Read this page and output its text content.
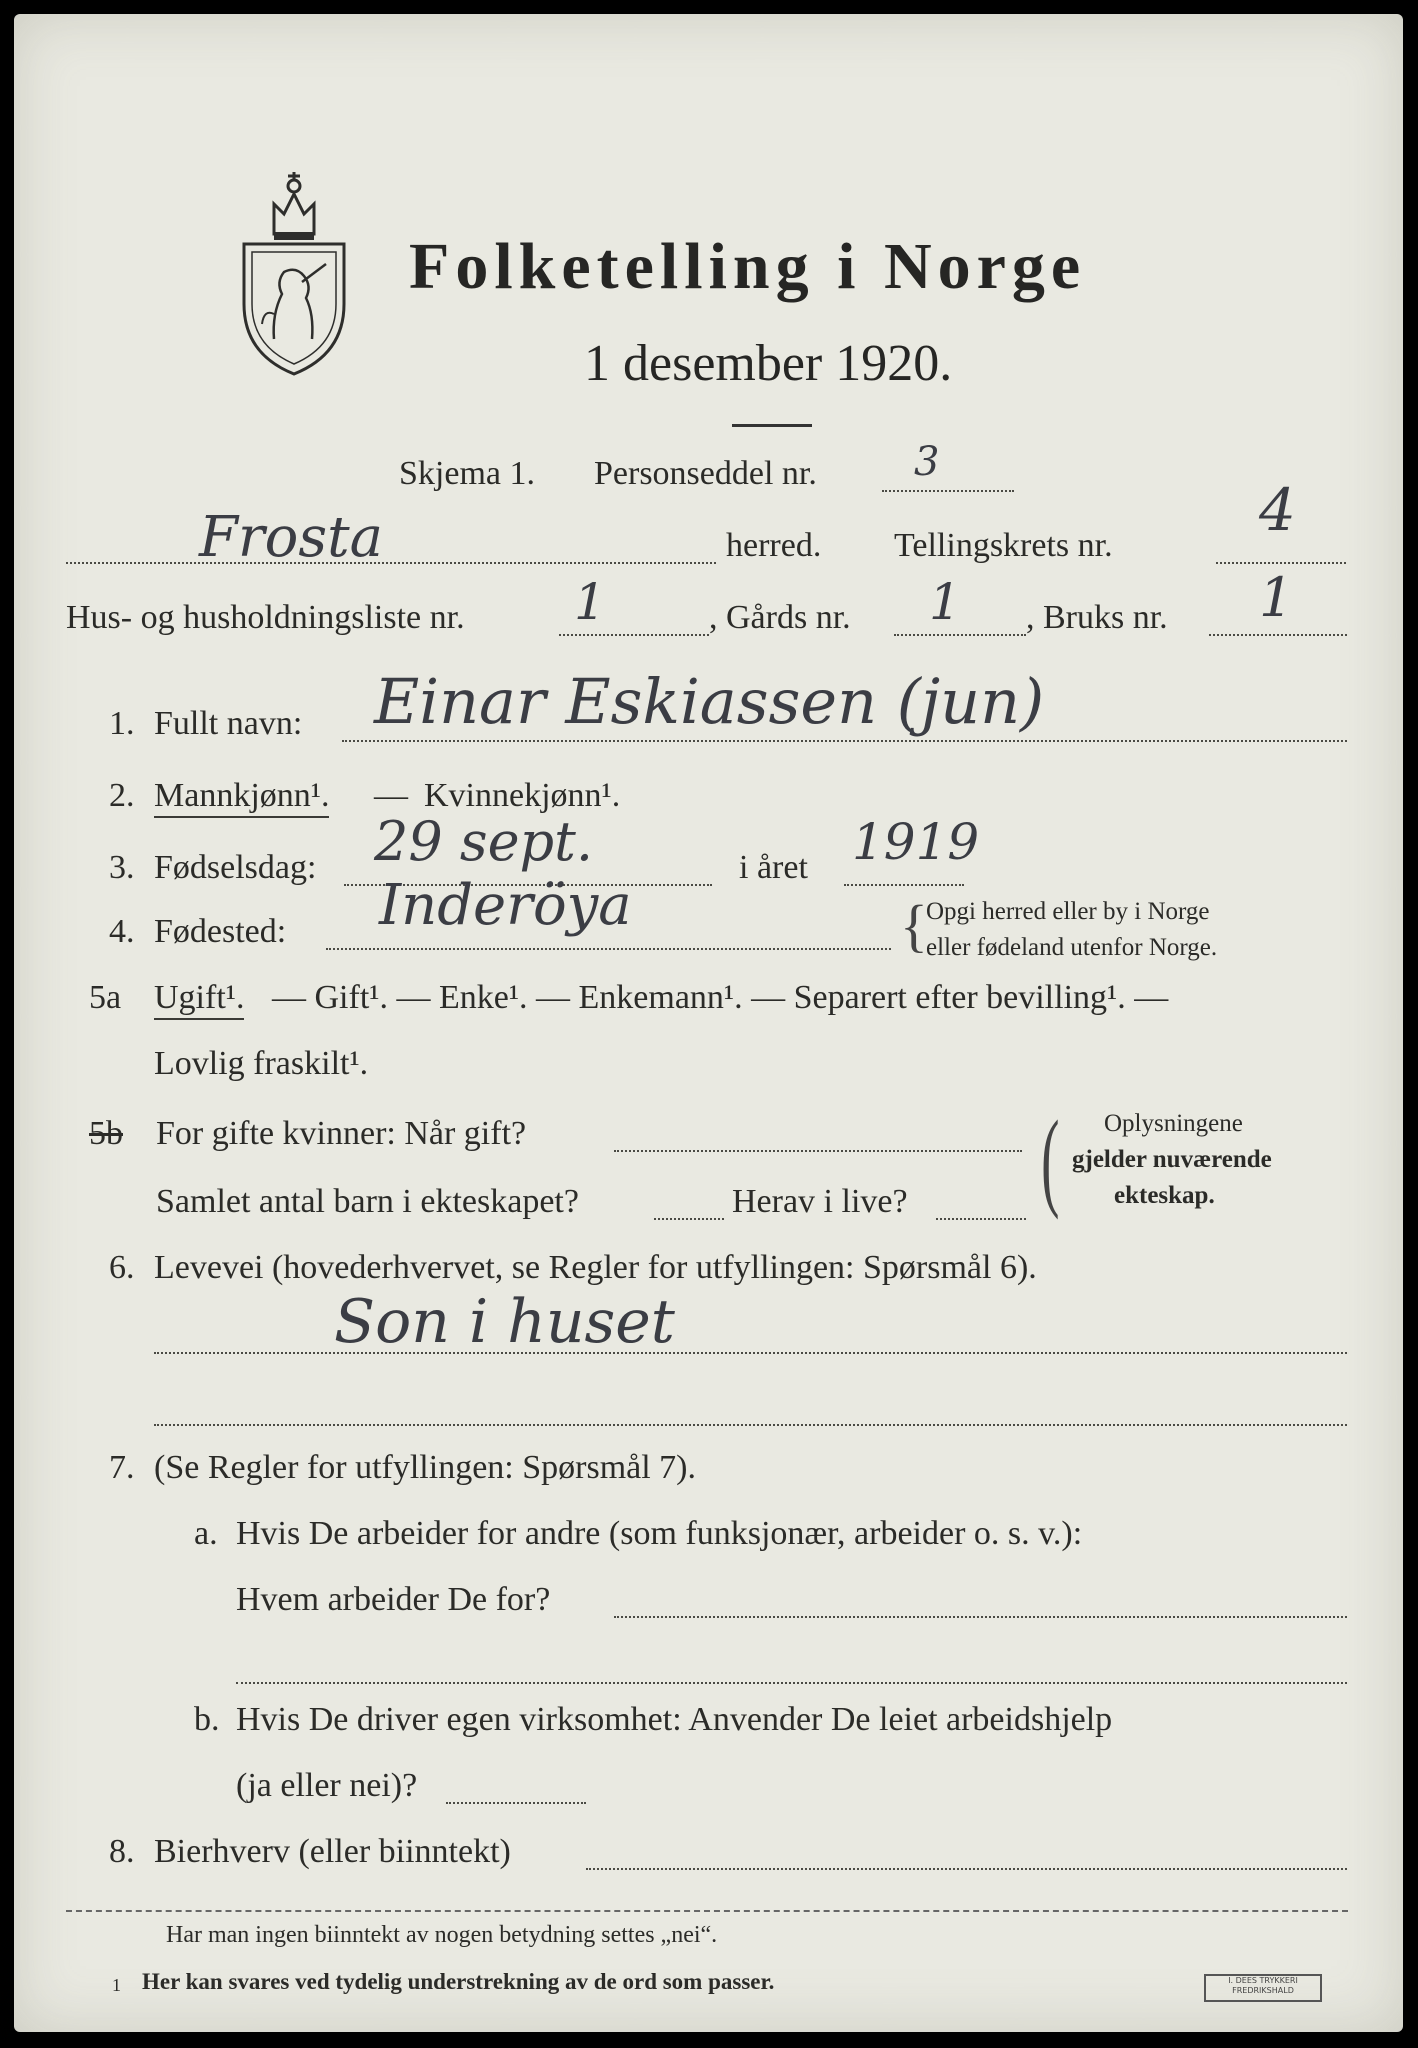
Folketelling i Norge
1 desember 1920.
Skjema 1. Personseddel nr. 3
Frosta	herred. Tellingskrets nr.
4
Hus- og husholdningsliste nr. 1	, Gårds nr. 1 , Bruks nr. 1
1. Fullt navn: Einar Eskiassen (jun)
2. Mannkjønn¹. — Kvinnekjønn¹.
3. Fødselsdag: 29 sept.	i året 1919
4. Fødested: Inderöya	{
Opgi herred eller by i Norge
eller fødeland utenfor Norge.
5a Ugift¹. — Gift¹. — Enke¹. — Enkemann¹. — Separert efter bevilling¹. —
Lovlig fraskilt¹.
5b For gifte kvinner: Når gift?
Samlet antal barn i ekteskapet?	Herav i live? ( Oplysningene
gjelder nuværende
ekteskap.
6. Levevei (hovederhvervet, se Regler for utfyllingen: Spørsmål 6).
Son i huset
7. (Se Regler for utfyllingen: Spørsmål 7).
a. Hvis De arbeider for andre (som funksjonær, arbeider o. s. v.):
Hvem arbeider De for?
b. Hvis De driver egen virksomhet: Anvender De leiet arbeidshjelp
(ja eller nei)?
8. Bierhverv (eller biinntekt)
Har man ingen biinntekt av nogen betydning settes „nei“.
1 Her kan svares ved tydelig understrekning av de ord som passer.	I. DEES TRYKKERI
FREDRIKSHALD
